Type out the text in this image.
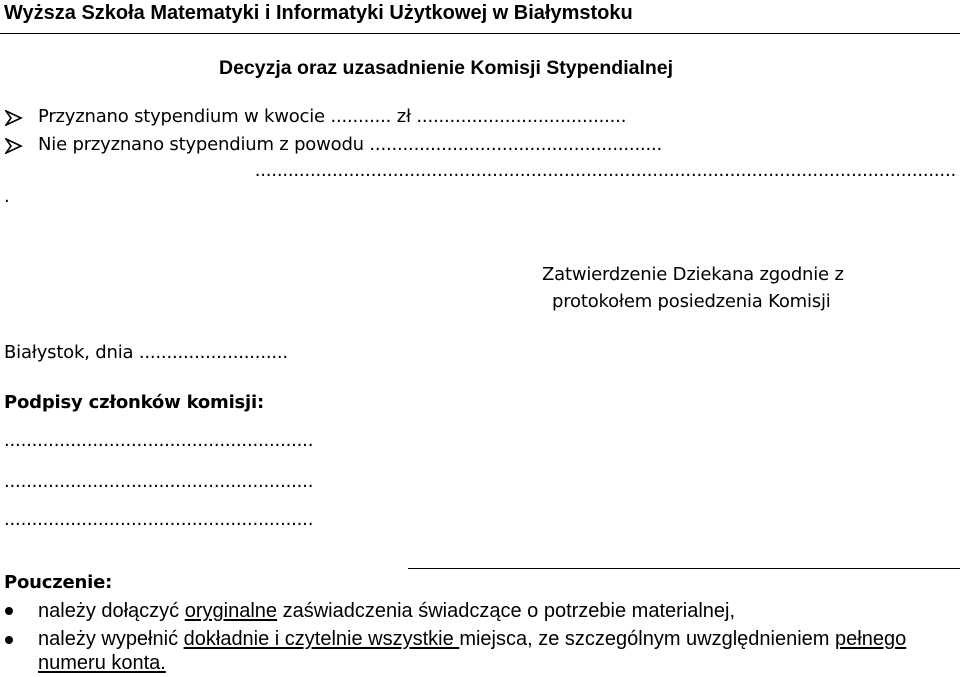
Wyższa Szkoła Matematyki i Informatyki Użytkowej w Białymstoku
Decyzja oraz uzasadnienie Komisji Stypendialnej
Przyznano stypendium w kwocie ........... zł ......................................
Nie przyznano stypendium z powodu .....................................................
...............................................................................................................................
.
Zatwierdzenie Dziekana zgodnie z
protokołem posiedzenia Komisji
Białystok, dnia ...........................
Podpisy członków komisji:
........................................................
........................................................
........................................................
Pouczenie:
należy dołączyć oryginalne zaświadczenia świadczące o potrzebie materialnej,
należy wypełnić dokładnie i czytelnie wszystkie miejsca, ze szczególnym uwzględnieniem pełnego
numeru konta.
